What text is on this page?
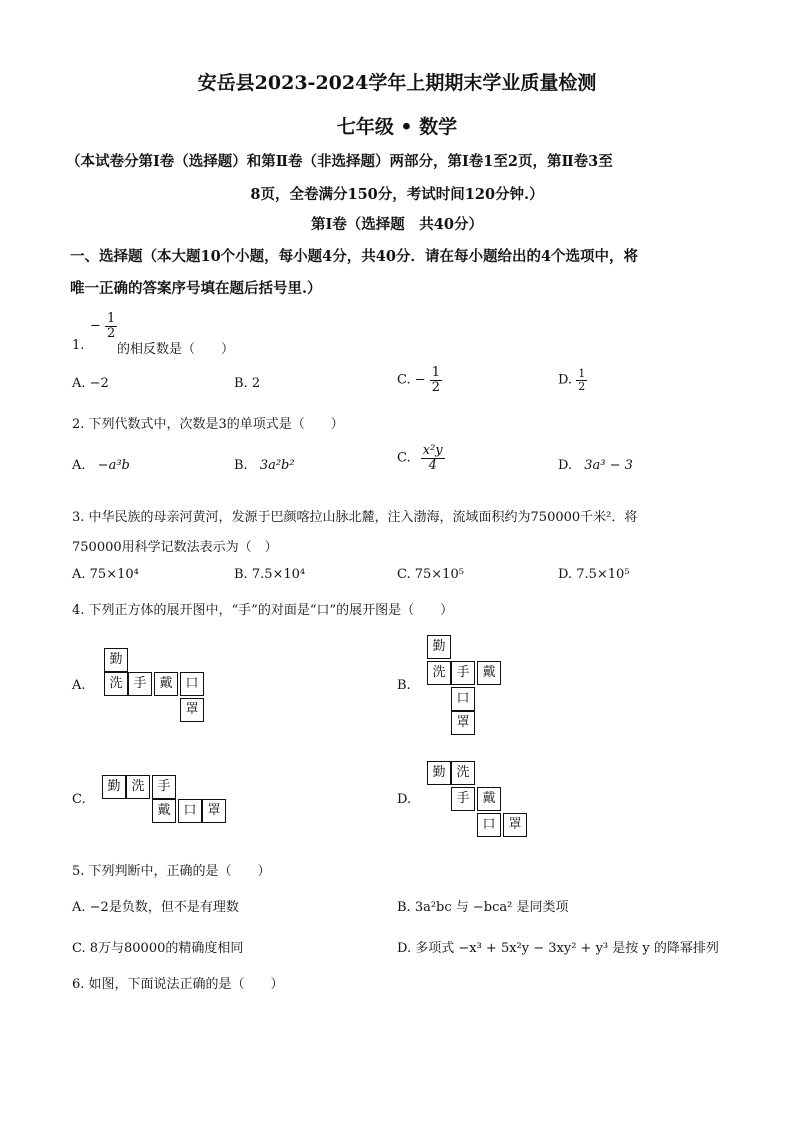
安岳县2023-2024学年上期期末学业质量检测
七年级 • 数学
（本试卷分第Ⅰ卷（选择题）和第Ⅱ卷（非选择题）两部分，第Ⅰ卷1至2页，第Ⅱ卷3至
8页，全卷满分150分，考试时间120分钟.）
第Ⅰ卷（选择题　共40分）
一、选择题（本大题10个小题，每小题4分，共40分．请在每小题给出的4个选项中，将
唯一正确的答案序号填在题后括号里.）
1.
− $\frac{1}{2}$
的相反数是（　　）
A. −2	B. 2	C. − $\frac{1}{2}$	D. $\frac{1}{2}$
2. 下列代数式中，次数是3的单项式是（　　）
A. −a³b	B. 3a²b²	C. $\frac{\text{x²y}}{4}$	D. 3a³ − 3
3. 中华民族的母亲河黄河，发源于巴颜喀拉山脉北麓，注入渤海，流域面积约为750000千米²．将
750000用科学记数法表示为（　）
A. 75×10⁴	B. 7.5×10⁴	C. 75×10⁵	D. 7.5×10⁵
4. 下列正方体的展开图中，“手”的对面是“口”的展开图是（　　）
A.
勤
洗 手 戴 口
罩
B.
勤
洗 手 戴
口
罩
C.
勤 洗 手
戴 口 罩
D.
勤 洗
手 戴
口 罩
5. 下列判断中，正确的是（　　）
A. −2是负数，但不是有理数	B. 3a²bc 与 −bca² 是同类项
C. 8万与80000的精确度相同	D. 多项式 −x³ + 5x²y − 3xy² + y³ 是按 y 的降幂排列
6. 如图，下面说法正确的是（　　）
